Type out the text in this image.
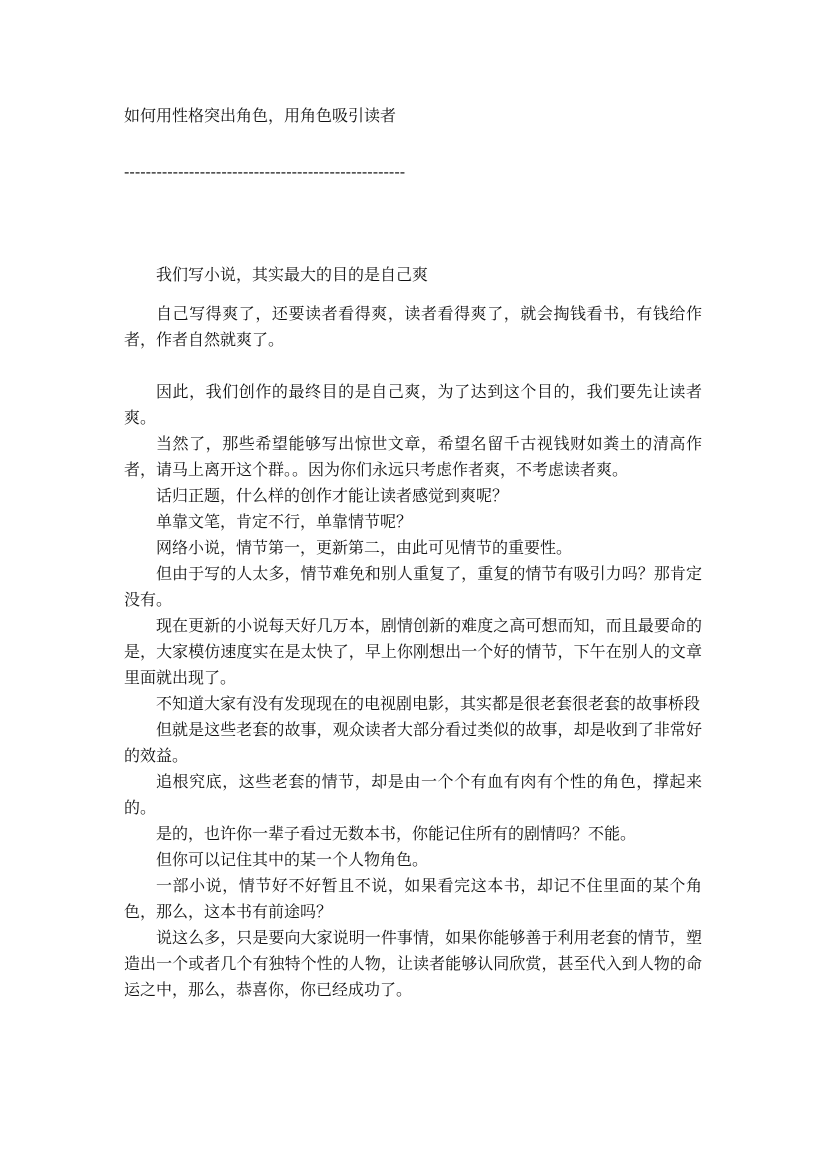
如何用性格突出角色，用角色吸引读者
----------------------------------------------------

我们写小说，其实最大的目的是自己爽

自己写得爽了，还要读者看得爽，读者看得爽了，就会掏钱看书，有钱给作者，作者自然就爽了。

因此，我们创作的最终目的是自己爽，为了达到这个目的，我们要先让读者爽。

当然了，那些希望能够写出惊世文章，希望名留千古视钱财如粪土的清高作者，请马上离开这个群。。因为你们永远只考虑作者爽，不考虑读者爽。

话归正题，什么样的创作才能让读者感觉到爽呢？

单靠文笔，肯定不行，单靠情节呢？

网络小说，情节第一，更新第二，由此可见情节的重要性。

但由于写的人太多，情节难免和别人重复了，重复的情节有吸引力吗？那肯定没有。

现在更新的小说每天好几万本，剧情创新的难度之高可想而知，而且最要命的是，大家模仿速度实在是太快了，早上你刚想出一个好的情节，下午在别人的文章里面就出现了。

不知道大家有没有发现现在的电视剧电影，其实都是很老套很老套的故事桥段

但就是这些老套的故事，观众读者大部分看过类似的故事，却是收到了非常好的效益。

追根究底，这些老套的情节，却是由一个个有血有肉有个性的角色，撑起来的。

是的，也许你一辈子看过无数本书，你能记住所有的剧情吗？不能。

但你可以记住其中的某一个人物角色。

一部小说，情节好不好暂且不说，如果看完这本书，却记不住里面的某个角色，那么，这本书有前途吗？

说这么多，只是要向大家说明一件事情，如果你能够善于利用老套的情节，塑造出一个或者几个有独特个性的人物，让读者能够认同欣赏，甚至代入到人物的命运之中，那么，恭喜你，你已经成功了。
